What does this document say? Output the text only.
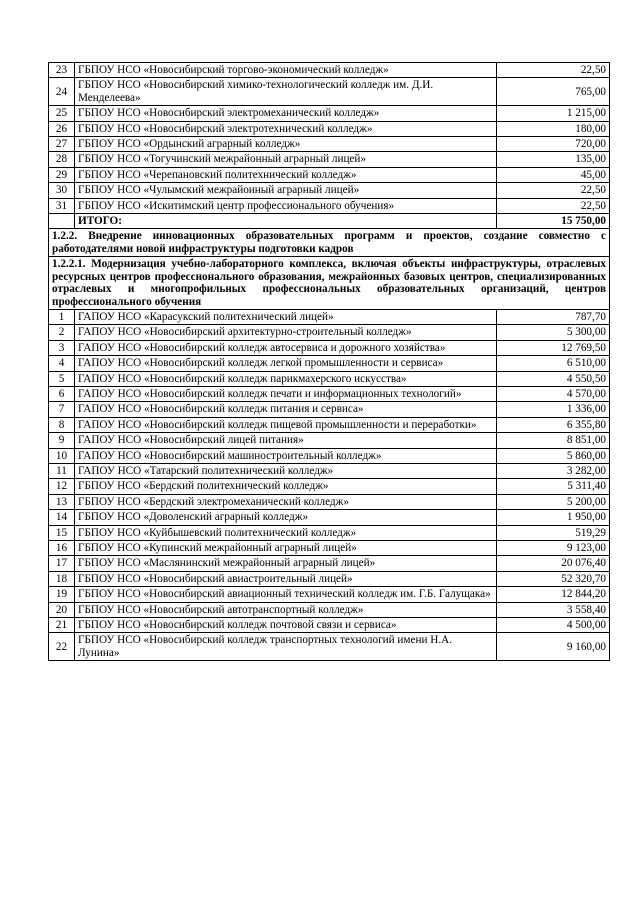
23	ГБПОУ НСО «Новосибирский торгово-экономический колледж»	22,50
24	ГБПОУ НСО «Новосибирский химико-технологический колледж им. Д.И. Менделеева»	765,00
25	ГБПОУ НСО «Новосибирский электромеханический колледж»	1 215,00
26	ГБПОУ НСО «Новосибирский электротехнический колледж»	180,00
27	ГБПОУ НСО «Ордынский аграрный колледж»	720,00
28	ГБПОУ НСО «Тогучинский межрайонный аграрный лицей»	135,00
29	ГБПОУ НСО «Черепановский политехнический колледж»	45,00
30	ГБПОУ НСО «Чулымский межрайоиный аграрный лицей»	22,50
31	ГБПОУ НСО «Искитимский центр профессионального обучения»	22,50
	ИТОГО:	15 750,00
1.2.2. Внедрение инновационных образовательных программ и проектов, создание совместно с работодателями новой инфраструктуры подготовки кадров		
1.2.2.1. Модернизация учебно-лабораторного комплекса, включая объекты инфраструктуры, отраслевых ресурсных центров профессионального образования, межрайонных базовых центров, специализированных отраслевых и многопрофильных профессиональных образовательных организаций, центров профессионального обучения		
1	ГАПОУ НСО «Карасукский политехнический лицей»	787,70
2	ГАПОУ НСО «Новосибирский архитектурно-строительный колледж»	5 300,00
3	ГАПОУ НСО «Новосибирский колледж автосервиса и дорожного хозяйства»	12 769,50
4	ГАПОУ НСО «Новосибирский колледж легкой промышленности и сервиса»	6 510,00
5	ГАПОУ НСО «Новосибирский колледж парикмахерского искусства»	4 550,50
6	ГАПОУ НСО «Новосибирский колледж печати и информационных технологий»	4 570,00
7	ГАПОУ НСО «Новосибирский колледж питания и сервиса»	1 336,00
8	ГАПОУ НСО «Новосибирский колледж пищевой промышленности и переработки»	6 355,80
9	ГАПОУ НСО «Новосибирский лицей питания»	8 851,00
10	ГАПОУ НСО «Новосибирский машиностроительный колледж»	5 860,00
11	ГАПОУ НСО «Татарский политехнический колледж»	3 282,00
12	ГБПОУ НСО «Бердский политехнический колледж»	5 311,40
13	ГБПОУ НСО «Бердский электромеханический колледж»	5 200,00
14	ГБПОУ НСО «Доволенский аграрный колледж»	1 950,00
15	ГБПОУ НСО «Куйбышевский политехнический колледж»	519,29
16	ГБПОУ НСО «Купинский межрайонный аграрный лицей»	9 123,00
17	ГБПОУ НСО «Маслянинский межрайонный аграрный лицей»	20 076,40
18	ГБПОУ НСО «Новосибирский авиастроительный лицей»	52 320,70
19	ГБПОУ НСО «Новосибирский авиационный технический колледж им. Г.Б. Галущака»	12 844,20
20	ГБПОУ НСО «Новосибирский автотранспортный колледж»	3 558,40
21	ГБПОУ НСО «Новосибирский колледж почтовой связи и сервиса»	4 500,00
22	ГБПОУ НСО «Новосибирский колледж транспортных технологий имени Н.А. Лунина»	9 160,00
